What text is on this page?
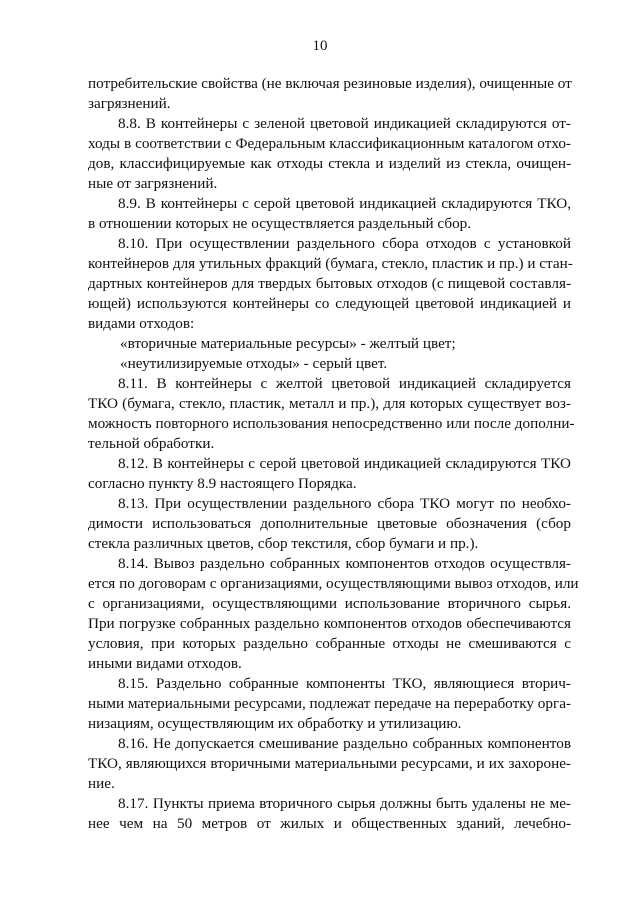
10
потребительские свойства (не включая резиновые изделия), очищенные от
загрязнений.
8.8. В контейнеры с зеленой цветовой индикацией складируются от-
ходы в соответствии с Федеральным классификационным каталогом отхо-
дов, классифицируемые как отходы стекла и изделий из стекла, очищен-
ные от загрязнений.
8.9. В контейнеры с серой цветовой индикацией складируются ТКО,
в отношении которых не осуществляется раздельный сбор.
8.10. При осуществлении раздельного сбора отходов с установкой
контейнеров для утильных фракций (бумага, стекло, пластик и пр.) и стан-
дартных контейнеров для твердых бытовых отходов (с пищевой составля-
ющей) используются контейнеры со следующей цветовой индикацией и
видами отходов:
«вторичные материальные ресурсы» - желтый цвет;
«неутилизируемые отходы» - серый цвет.
8.11. В контейнеры с желтой цветовой индикацией складируется
ТКО (бумага, стекло, пластик, металл и пр.), для которых существует воз-
можность повторного использования непосредственно или после дополни-
тельной обработки.
8.12. В контейнеры с серой цветовой индикацией складируются ТКО
согласно пункту 8.9 настоящего Порядка.
8.13. При осуществлении раздельного сбора ТКО могут по необхо-
димости использоваться дополнительные цветовые обозначения (сбор
стекла различных цветов, сбор текстиля, сбор бумаги и пр.).
8.14. Вывоз раздельно собранных компонентов отходов осуществля-
ется по договорам с организациями, осуществляющими вывоз отходов, или
с организациями, осуществляющими использование вторичного сырья.
При погрузке собранных раздельно компонентов отходов обеспечиваются
условия, при которых раздельно собранные отходы не смешиваются с
иными видами отходов.
8.15. Раздельно собранные компоненты ТКО, являющиеся вторич-
ными материальными ресурсами, подлежат передаче на переработку орга-
низациям, осуществляющим их обработку и утилизацию.
8.16. Не допускается смешивание раздельно собранных компонентов
ТКО, являющихся вторичными материальными ресурсами, и их захороне-
ние.
8.17. Пункты приема вторичного сырья должны быть удалены не ме-
нее чем на 50 метров от жилых и общественных зданий, лечебно-
